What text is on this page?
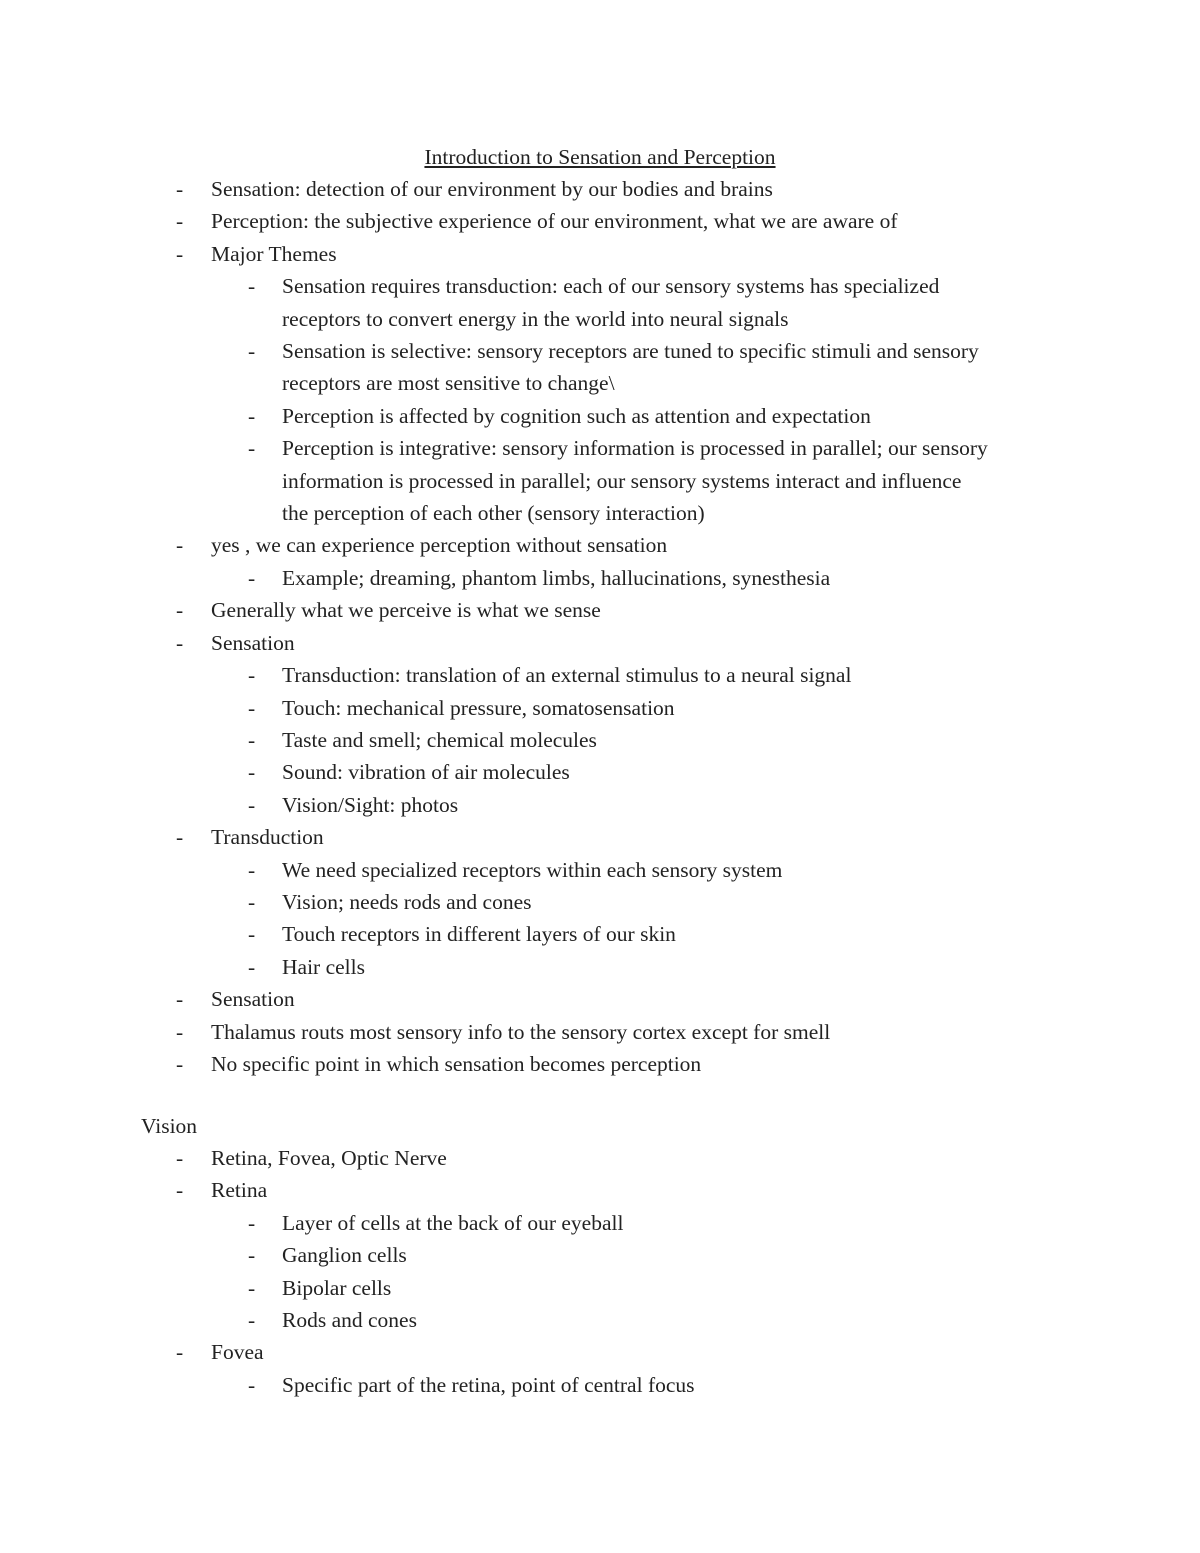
Introduction to Sensation and Perception
- Sensation: detection of our environment by our bodies and brains
- Perception: the subjective experience of our environment, what we are aware of
- Major Themes
- Sensation requires transduction: each of our sensory systems has specialized
receptors to convert energy in the world into neural signals
- Sensation is selective: sensory receptors are tuned to specific stimuli and sensory
receptors are most sensitive to change\
- Perception is affected by cognition such as attention and expectation
- Perception is integrative: sensory information is processed in parallel; our sensory
information is processed in parallel; our sensory systems interact and influence
the perception of each other (sensory interaction)
- yes , we can experience perception without sensation
- Example; dreaming, phantom limbs, hallucinations, synesthesia
- Generally what we perceive is what we sense
- Sensation
- Transduction: translation of an external stimulus to a neural signal
- Touch: mechanical pressure, somatosensation
- Taste and smell; chemical molecules
- Sound: vibration of air molecules
- Vision/Sight: photos
- Transduction
- We need specialized receptors within each sensory system
- Vision; needs rods and cones
- Touch receptors in different layers of our skin
- Hair cells
- Sensation
- Thalamus routs most sensory info to the sensory cortex except for smell
- No specific point in which sensation becomes perception
Vision
- Retina, Fovea, Optic Nerve
- Retina
- Layer of cells at the back of our eyeball
- Ganglion cells
- Bipolar cells
- Rods and cones
- Fovea
- Specific part of the retina, point of central focus
